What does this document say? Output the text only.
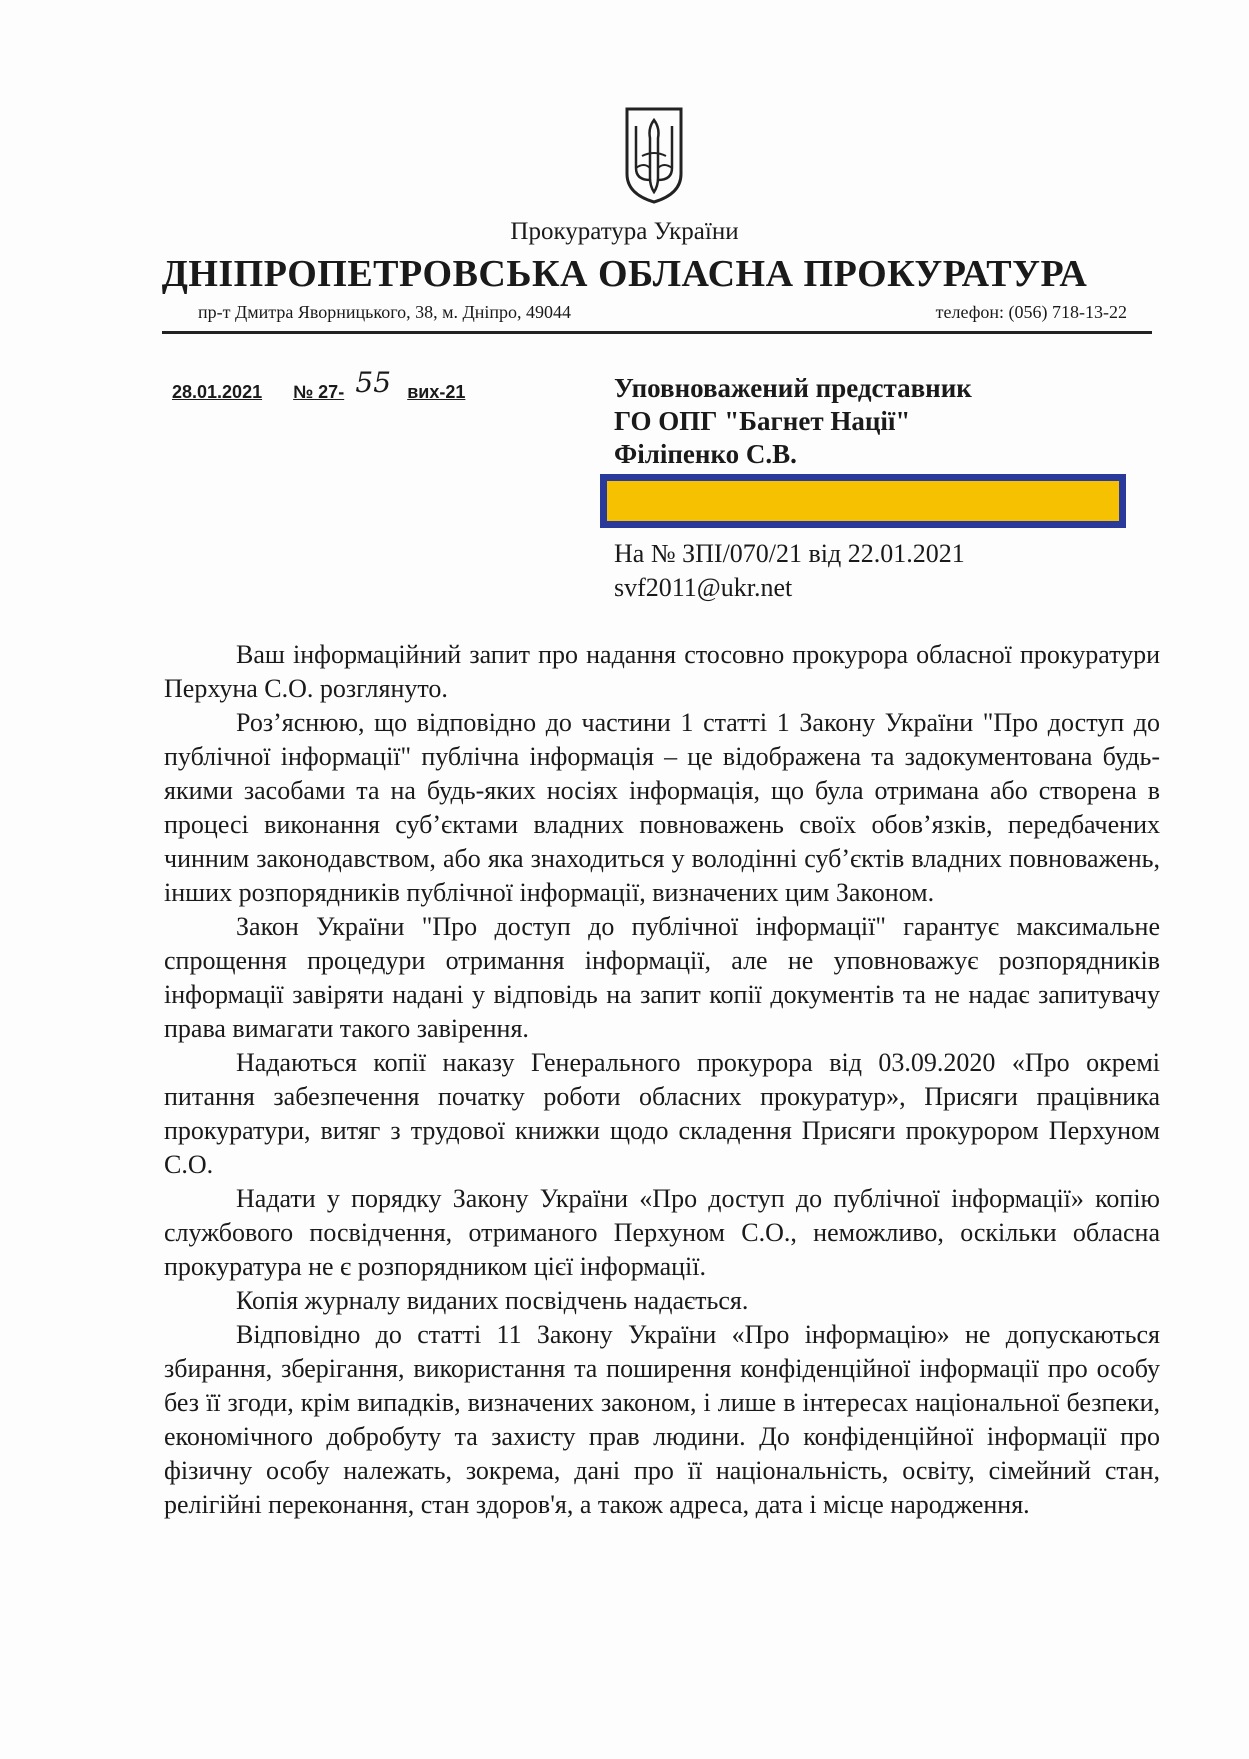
Прокуратура України
ДНІПРОПЕТРОВСЬКА ОБЛАСНА ПРОКУРАТУРА
пр-т Дмитра Яворницького, 38, м. Дніпро, 49044	телефон: (056) 718-13-22
28.01.2021 № 27- 55 вих-21	Уповноважений представник
ГО ОПГ "Багнет Нації"
Філіпенко С.В.
На № ЗПІ/070/21 від 22.01.2021
svf2011@ukr.net

Ваш інформаційний запит про надання стосовно прокурора обласної прокуратури Перхуна С.О. розглянуто.

Роз’яснюю, що відповідно до частини 1 статті 1 Закону України "Про доступ до публічної інформації" публічна інформація – це відображена та задокументована будь-якими засобами та на будь-яких носіях інформація, що була отримана або створена в процесі виконання суб’єктами владних повноважень своїх обов’язків, передбачених чинним законодавством, або яка знаходиться у володінні суб’єктів владних повноважень, інших розпорядників публічної інформації, визначених цим Законом.

Закон України "Про доступ до публічної інформації" гарантує максимальне спрощення процедури отримання інформації, але не уповноважує розпорядників інформації завіряти надані у відповідь на запит копії документів та не надає запитувачу права вимагати такого завірення.

Надаються копії наказу Генерального прокурора від 03.09.2020 «Про окремі питання забезпечення початку роботи обласних прокуратур», Присяги працівника прокуратури, витяг з трудової книжки щодо складення Присяги прокурором Перхуном С.О.

Надати у порядку Закону України «Про доступ до публічної інформації» копію службового посвідчення, отриманого Перхуном С.О., неможливо, оскільки обласна прокуратура не є розпорядником цієї інформації.

Копія журналу виданих посвідчень надається.

Відповідно до статті 11 Закону України «Про інформацію» не допускаються збирання, зберігання, використання та поширення конфіденційної інформації про особу без її згоди, крім випадків, визначених законом, і лише в інтересах національної безпеки, економічного добробуту та захисту прав людини. До конфіденційної інформації про фізичну особу належать, зокрема, дані про її національність, освіту, сімейний стан, релігійні переконання, стан здоров'я, а також адреса, дата і місце народження.
